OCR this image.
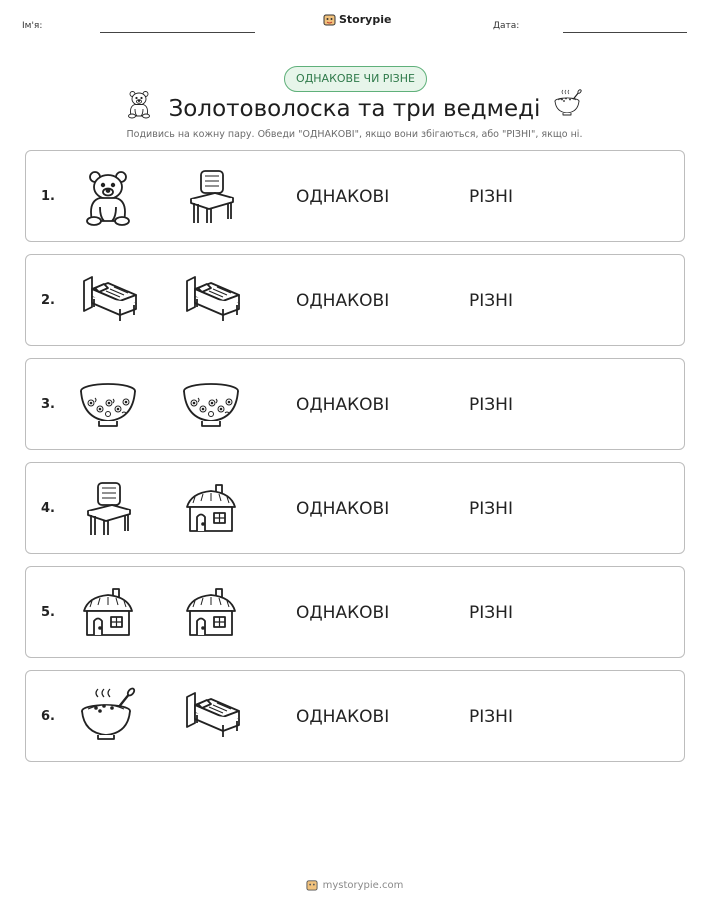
Ім'я:	Storypie	Дата:
ОДНАКОВЕ ЧИ РІЗНЕ
Золотоволоска та три ведмеді
Подивись на кожну пару. Обведи "ОДНАКОВІ", якщо вони збігаються, або "РІЗНІ", якщо ні.
1.	ОДНАКОВІ	РІЗНІ
2.	ОДНАКОВІ	РІЗНІ
3.	ОДНАКОВІ	РІЗНІ
4.	ОДНАКОВІ	РІЗНІ
5.	ОДНАКОВІ	РІЗНІ
6.	ОДНАКОВІ	РІЗНІ
mystorypie.com
